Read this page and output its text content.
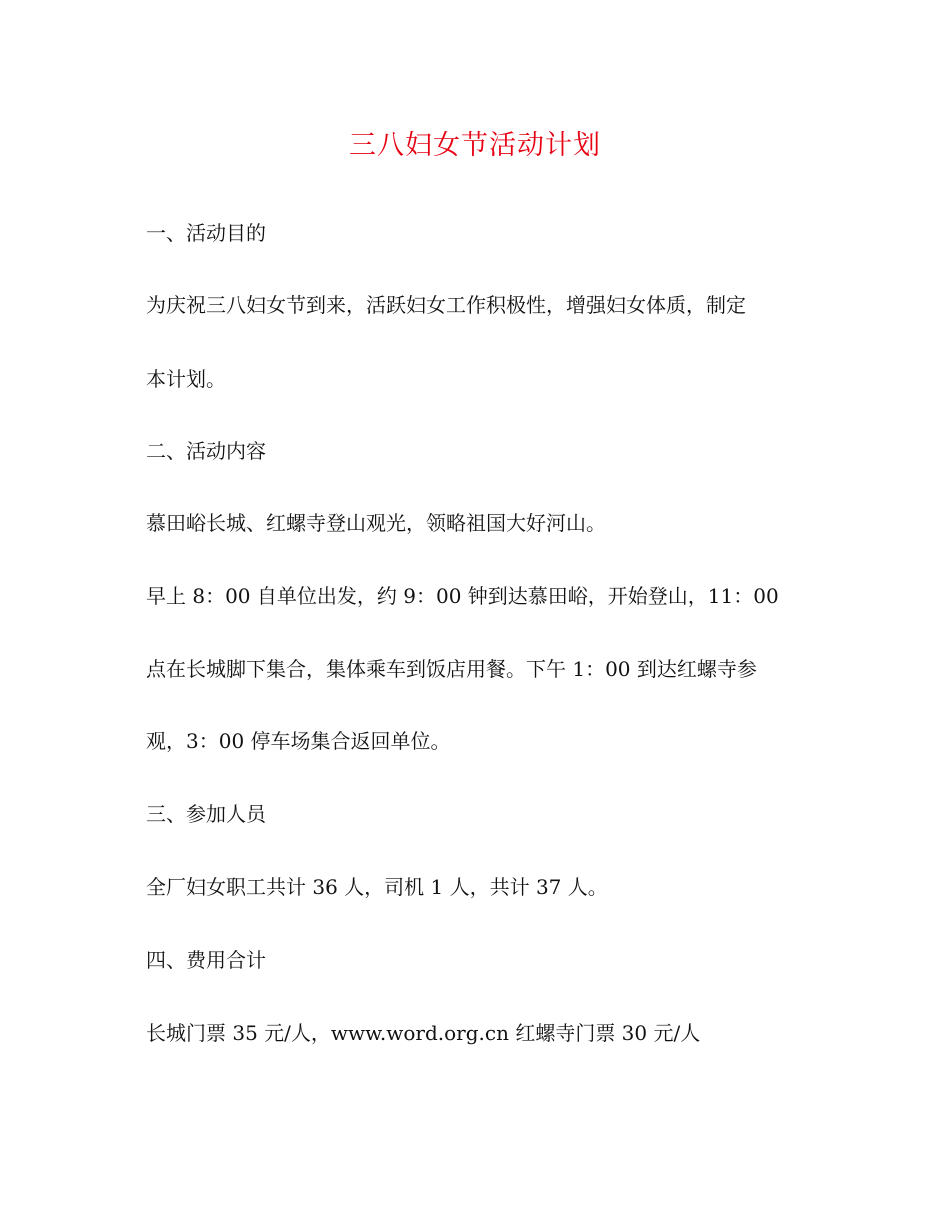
三八妇女节活动计划

一、活动目的

为庆祝三八妇女节到来，活跃妇女工作积极性，增强妇女体质，制定

本计划。

二、活动内容

慕田峪长城、红螺寺登山观光，领略祖国大好河山。

早上 8：00 自单位出发，约 9：00 钟到达慕田峪，开始登山，11：00

点在长城脚下集合，集体乘车到饭店用餐。下午 1：00 到达红螺寺参

观，3：00 停车场集合返回单位。

三、参加人员

全厂妇女职工共计 36 人，司机 1 人，共计 37 人。

四、费用合计

长城门票 35 元/人，www.word.org.cn 红螺寺门票 30 元/人
